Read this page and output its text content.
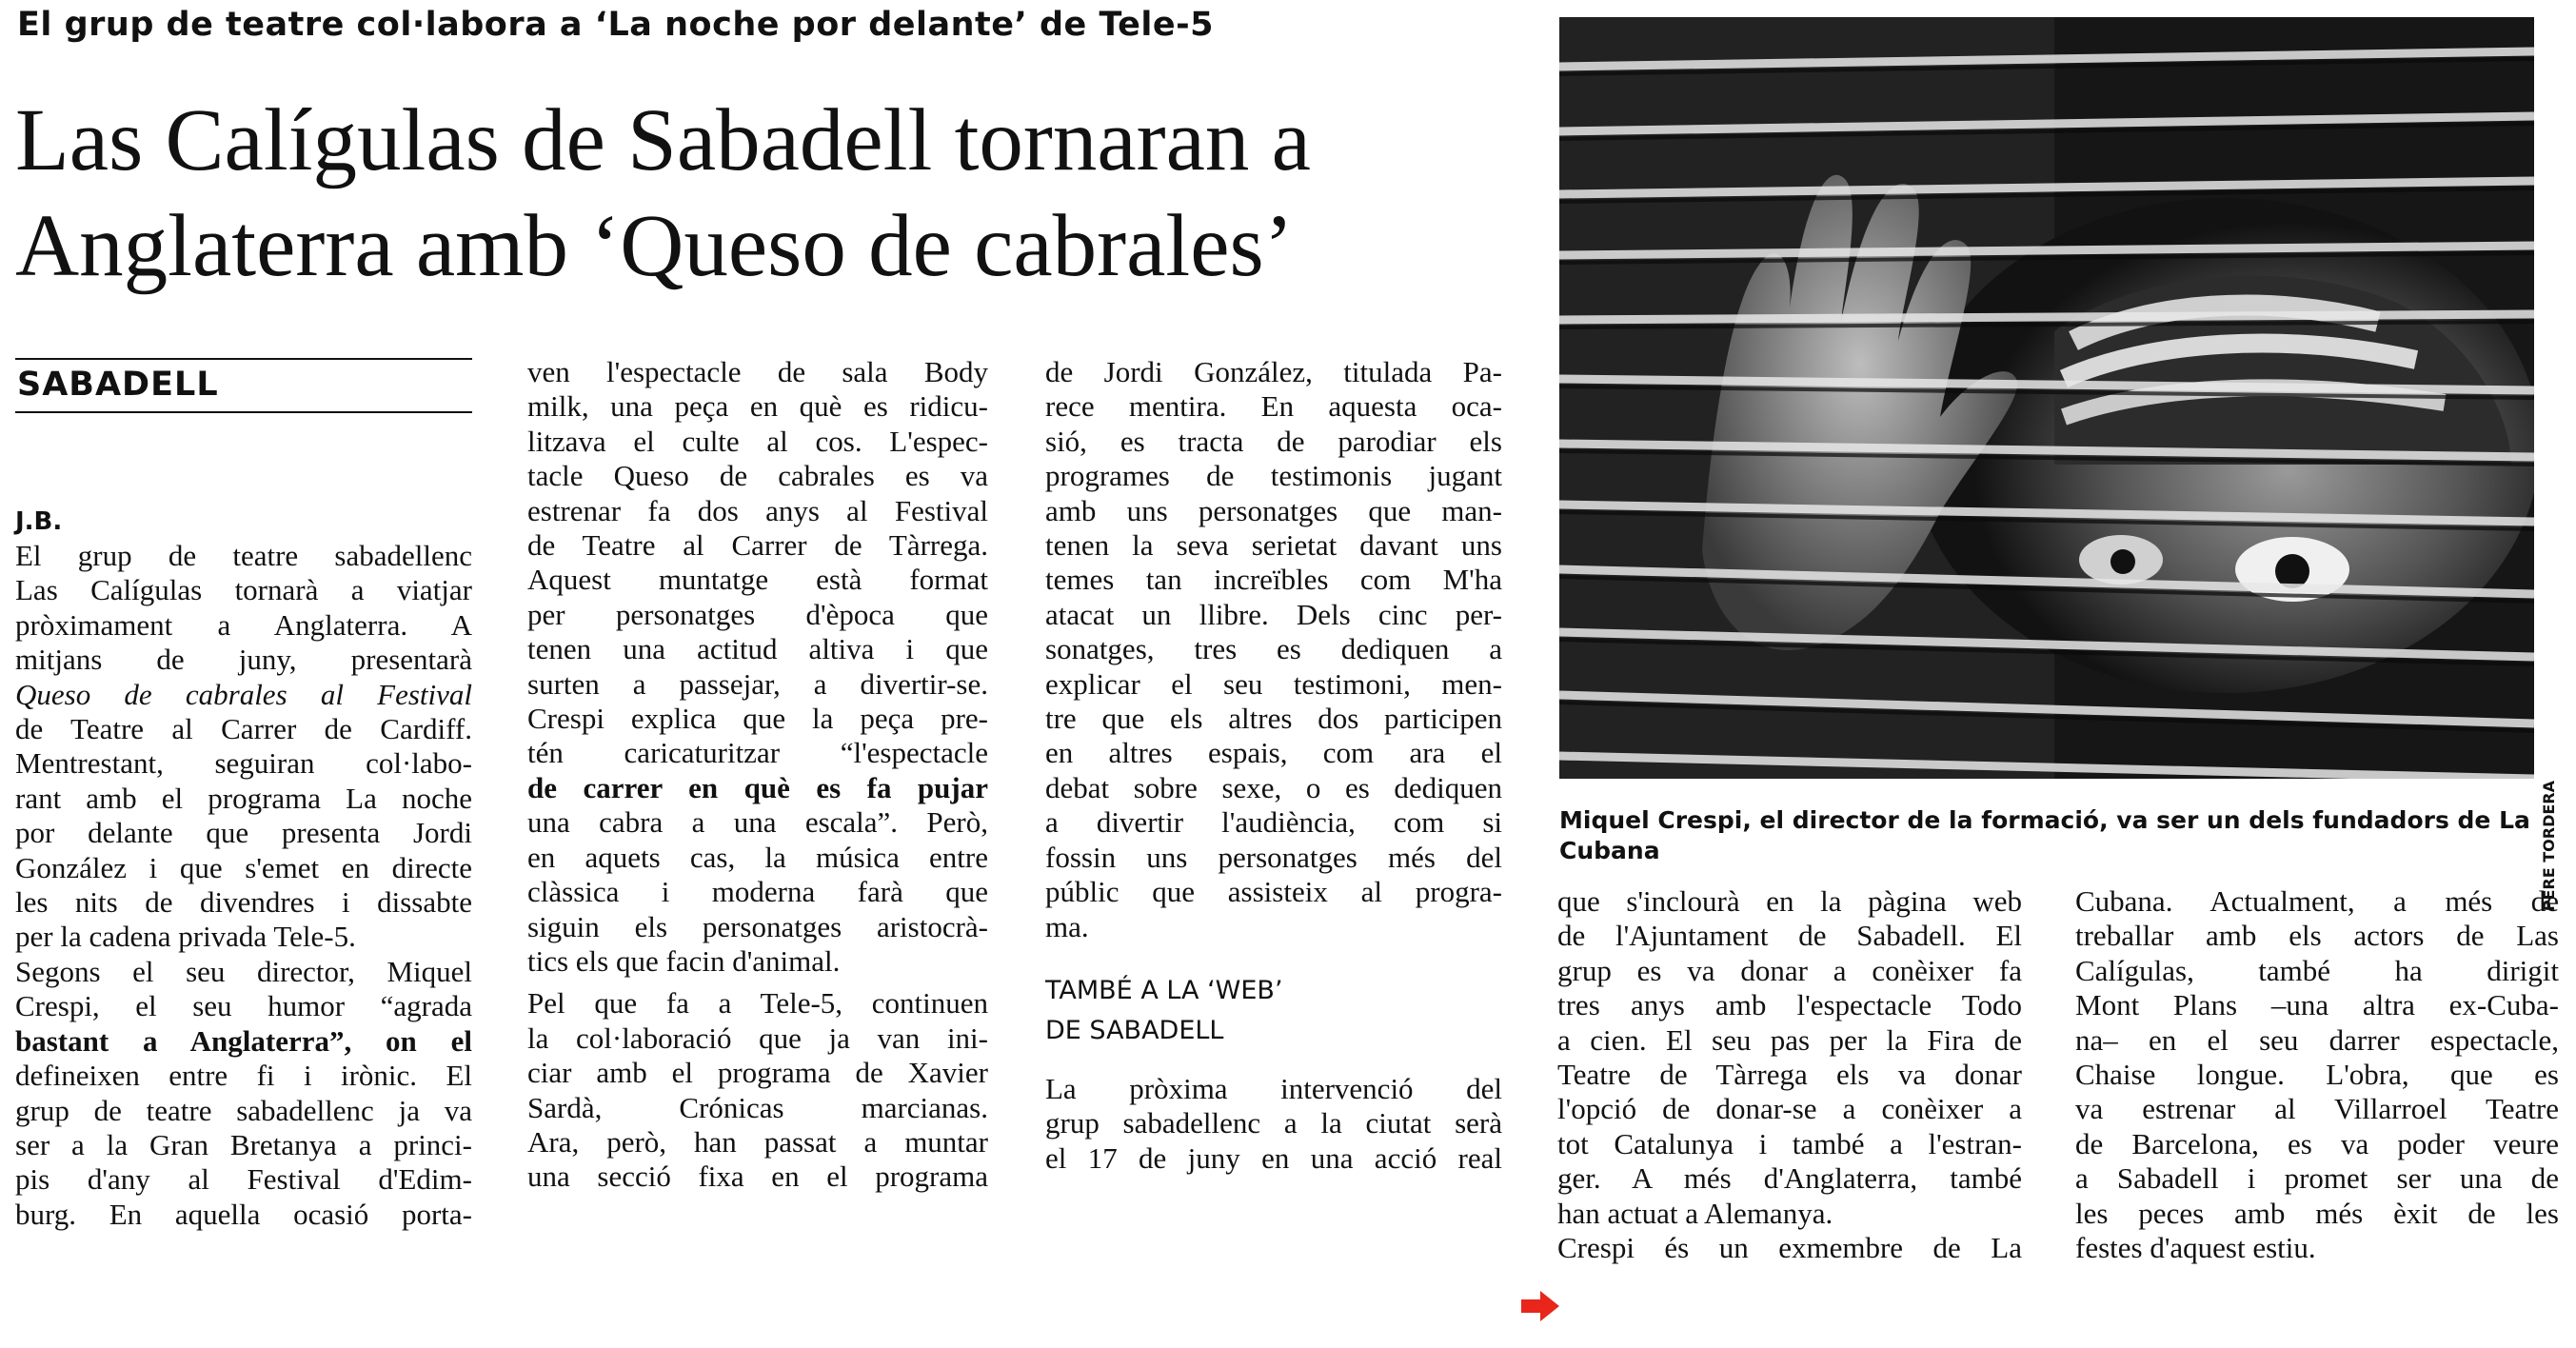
El grup de teatre col·labora a ‘La noche por delante’ de Tele-5
Las Calígulas de Sabadell tornaran a
Anglaterra amb ‘Queso de cabrales’
SABADELL
J.B.
El grup de teatre sabadellenc
Las Calígulas tornarà a viatjar
pròximament a Anglaterra. A
mitjans de juny, presentarà
Queso de cabrales al Festival
de Teatre al Carrer de Cardiff.
Mentrestant, seguiran col·labo-
rant amb el programa La noche
por delante que presenta Jordi
González i que s'emet en directe
les nits de divendres i dissabte
per la cadena privada Tele-5.
Segons el seu director, Miquel
Crespi, el seu humor “agrada
bastant a Anglaterra”, on el
defineixen entre fi i irònic. El
grup de teatre sabadellenc ja va
ser a la Gran Bretanya a princi-
pis d'any al Festival d'Edim-
burg. En aquella ocasió porta-
ven l'espectacle de sala Body
milk, una peça en què es ridicu-
litzava el culte al cos. L'espec-
tacle Queso de cabrales es va
estrenar fa dos anys al Festival
de Teatre al Carrer de Tàrrega.
Aquest muntatge està format
per personatges d'època que
tenen una actitud altiva i que
surten a passejar, a divertir-se.
Crespi explica que la peça pre-
tén caricaturitzar “l'espectacle
de carrer en què es fa pujar
una cabra a una escala”. Però,
en aquets cas, la música entre
clàssica i moderna farà que
siguin els personatges aristocrà-
tics els que facin d'animal.
Pel que fa a Tele-5, continuen
la col·laboració que ja van ini-
ciar amb el programa de Xavier
Sardà, Crónicas marcianas.
Ara, però, han passat a muntar
una secció fixa en el programa
de Jordi González, titulada Pa-
rece mentira. En aquesta oca-
sió, es tracta de parodiar els
programes de testimonis jugant
amb uns personatges que man-
tenen la seva serietat davant uns
temes tan increïbles com M'ha
atacat un llibre. Dels cinc per-
sonatges, tres es dediquen a
explicar el seu testimoni, men-
tre que els altres dos participen
en altres espais, com ara el
debat sobre sexe, o es dediquen
a divertir l'audiència, com si
fossin uns personatges més del
públic que assisteix al progra-
ma.
TAMBÉ A LA ‘WEB’
DE SABADELL
La pròxima intervenció del
grup sabadellenc a la ciutat serà
el 17 de juny en una acció real
PERE TORDERA
Miquel Crespi, el director de la formació, va ser un dels fundadors de La Cubana
que s'inclourà en la pàgina web
de l'Ajuntament de Sabadell. El
grup es va donar a conèixer fa
tres anys amb l'espectacle Todo
a cien. El seu pas per la Fira de
Teatre de Tàrrega els va donar
l'opció de donar-se a conèixer a
tot Catalunya i també a l'estran-
ger. A més d'Anglaterra, també
han actuat a Alemanya.
Crespi és un exmembre de La
Cubana. Actualment, a més de
treballar amb els actors de Las
Calígulas, també ha dirigit
Mont Plans –una altra ex-Cuba-
na– en el seu darrer espectacle,
Chaise longue. L'obra, que es
va estrenar al Villarroel Teatre
de Barcelona, es va poder veure
a Sabadell i promet ser una de
les peces amb més èxit de les
festes d'aquest estiu.
